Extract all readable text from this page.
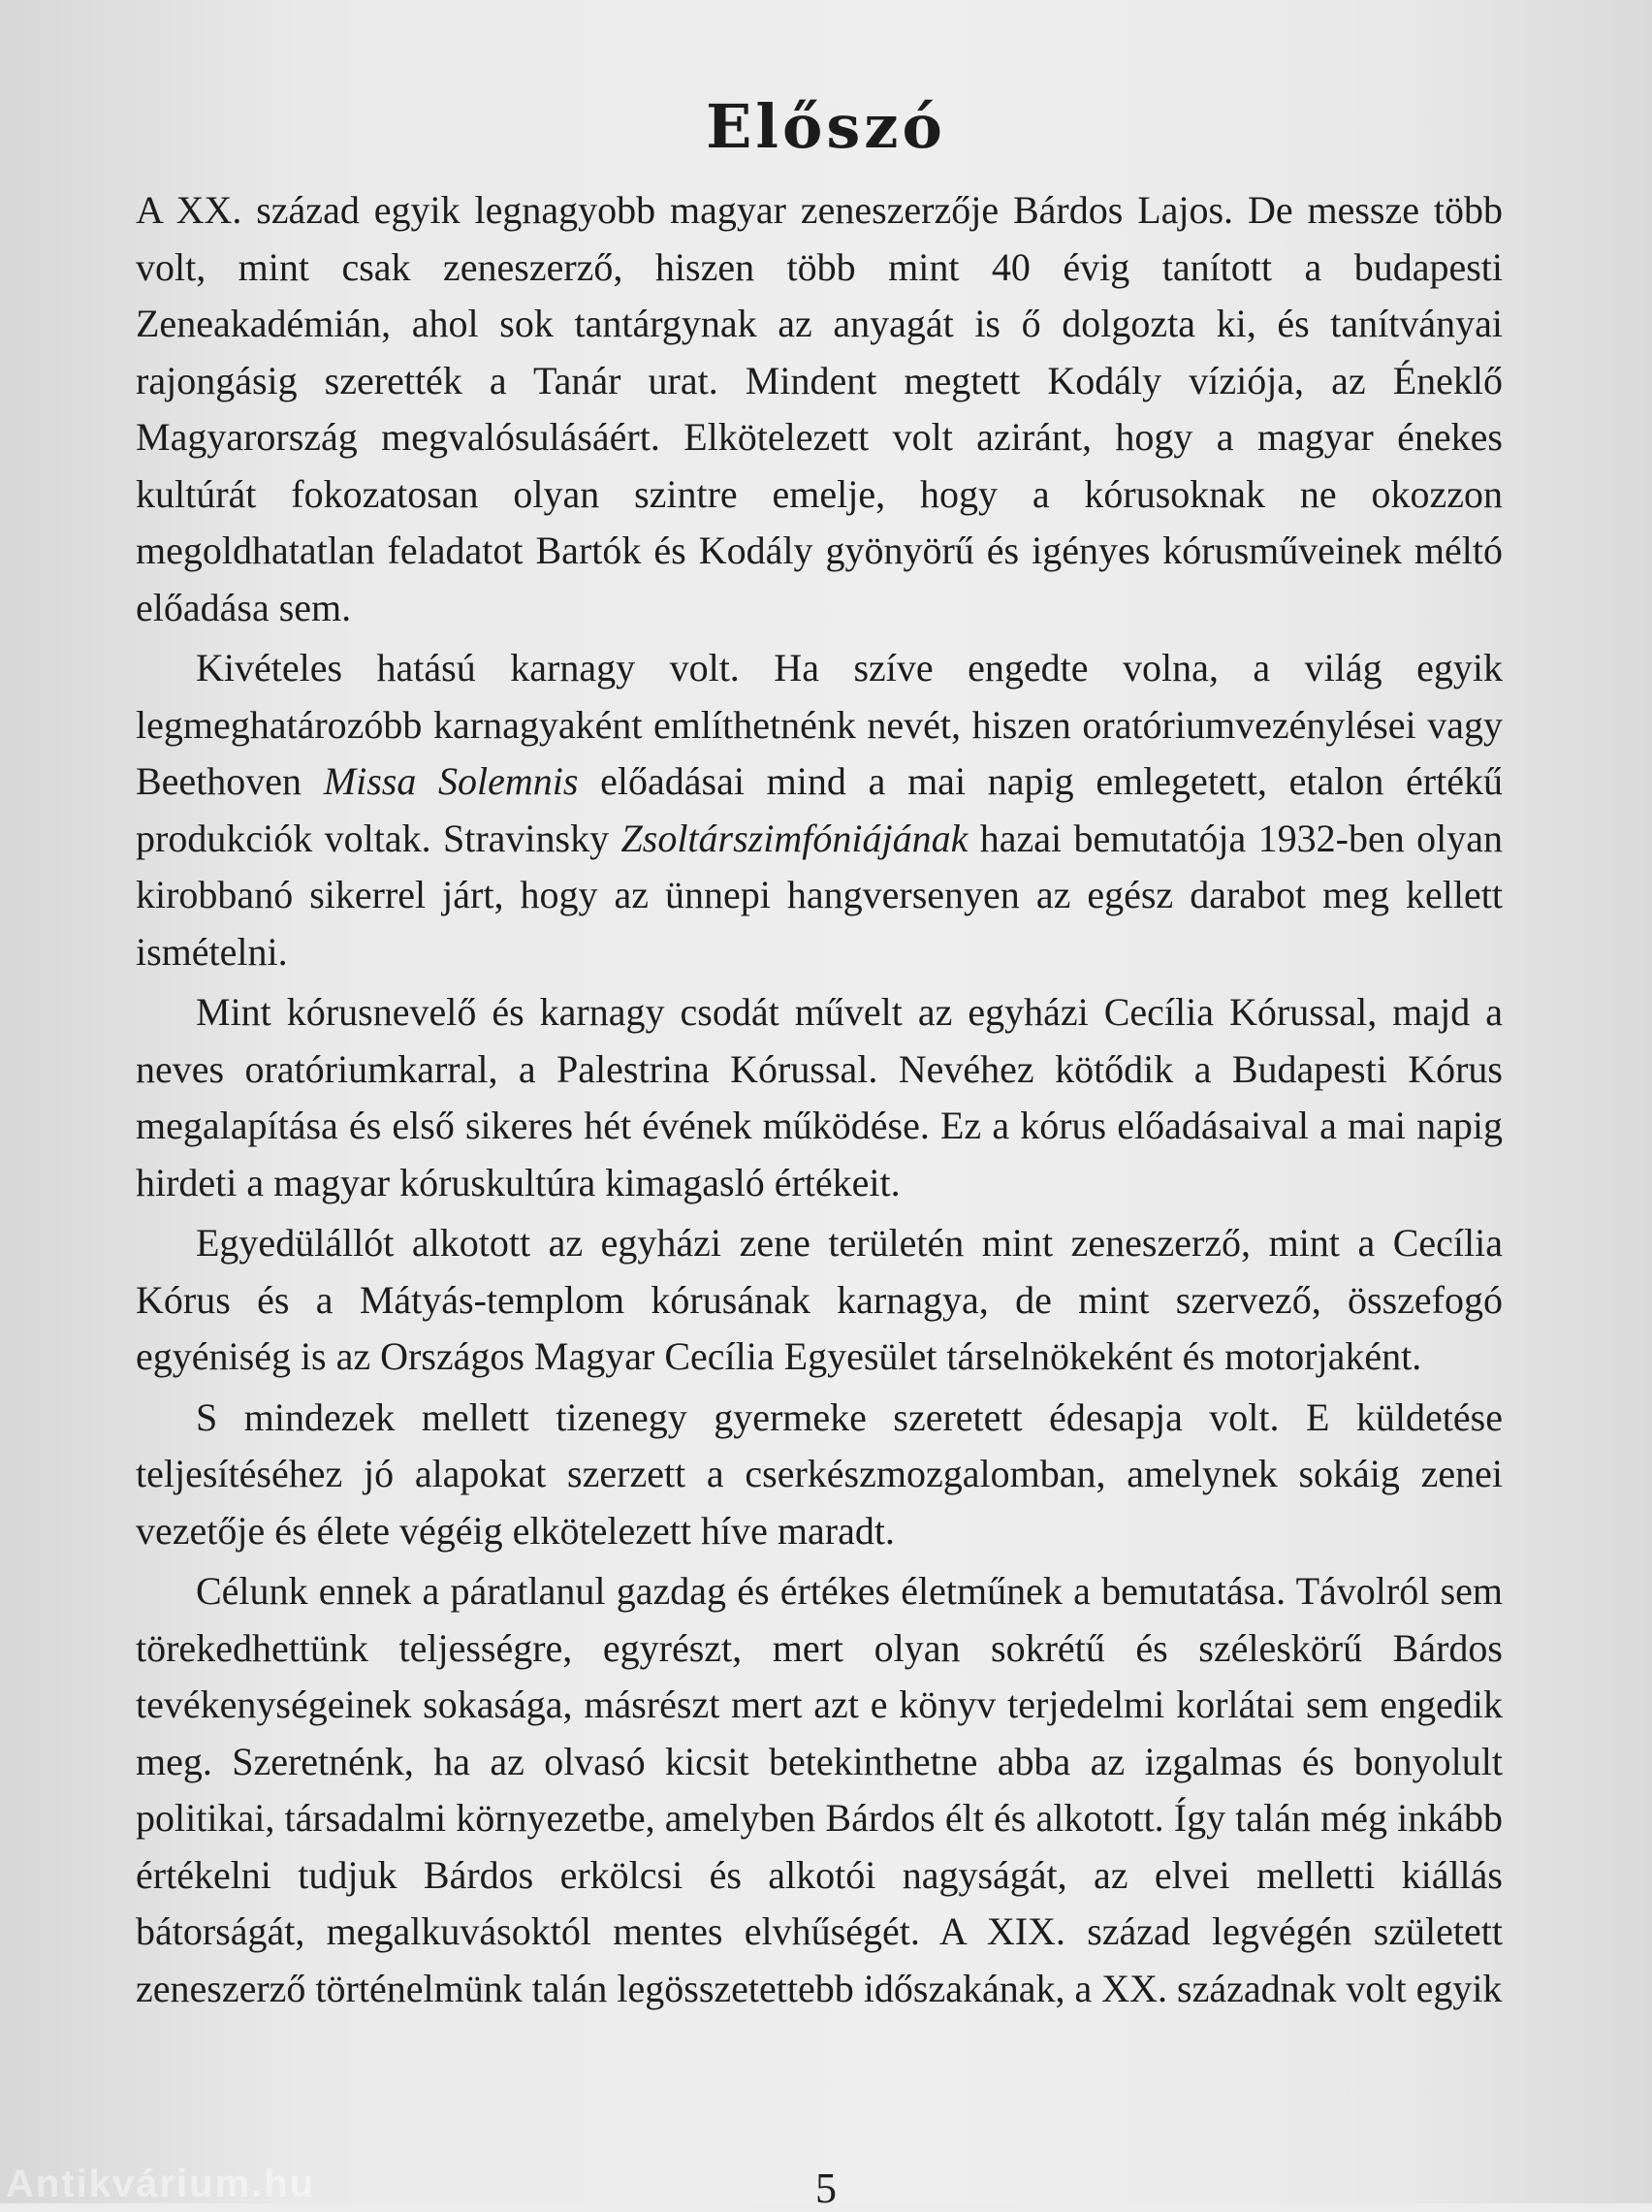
Előszó

A XX. század egyik legnagyobb magyar zeneszerzője Bárdos Lajos. De messze több volt, mint csak zeneszerző, hiszen több mint 40 évig tanított a budapesti Zeneakadémián, ahol sok tantárgynak az anyagát is ő dolgozta ki, és tanítványai rajongásig szerették a Tanár urat. Mindent megtett Kodály víziója, az Éneklő Magyarország megvalósulásáért. Elkötelezett volt aziránt, hogy a magyar énekes kultúrát fokozatosan olyan szintre emelje, hogy a kórusoknak ne okozzon megoldhatatlan feladatot Bartók és Kodály gyönyörű és igényes kórusműveinek méltó előadása sem.

Kivételes hatású karnagy volt. Ha szíve engedte volna, a világ egyik legmeghatározóbb karnagyaként említhetnénk nevét, hiszen oratóriumvezénylései vagy Beethoven Missa Solemnis előadásai mind a mai napig emlegetett, etalon értékű produkciók voltak. Stravinsky Zsoltárszimfóniájának hazai bemutatója 1932-ben olyan kirobbanó sikerrel járt, hogy az ünnepi hangversenyen az egész darabot meg kellett ismételni.

Mint kórusnevelő és karnagy csodát művelt az egyházi Cecília Kórussal, majd a neves oratóriumkarral, a Palestrina Kórussal. Nevéhez kötődik a Budapesti Kórus megalapítása és első sikeres hét évének működése. Ez a kórus előadásaival a mai napig hirdeti a magyar kóruskultúra kimagasló értékeit.

Egyedülállót alkotott az egyházi zene területén mint zeneszerző, mint a Cecília Kórus és a Mátyás-templom kórusának karnagya, de mint szervező, összefogó egyéniség is az Országos Magyar Cecília Egyesület társelnökeként és motorjaként.

S mindezek mellett tizenegy gyermeke szeretett édesapja volt. E küldetése teljesítéséhez jó alapokat szerzett a cserkészmozgalomban, amelynek sokáig zenei vezetője és élete végéig elkötelezett híve maradt.

Célunk ennek a páratlanul gazdag és értékes életműnek a bemutatása. Távolról sem törekedhettünk teljességre, egyrészt, mert olyan sokrétű és széleskörű Bárdos tevékenységeinek sokasága, másrészt mert azt e könyv terjedelmi korlátai sem engedik meg. Szeretnénk, ha az olvasó kicsit betekinthetne abba az izgalmas és bonyolult politikai, társadalmi környezetbe, amelyben Bárdos élt és alkotott. Így talán még inkább értékelni tudjuk Bárdos erkölcsi és alkotói nagyságát, az elvei melletti kiállás bátorságát, megalkuvásoktól mentes elvhűségét. A XIX. század legvégén született zeneszerző történelmünk talán legösszetettebb időszakának, a XX. századnak volt egyik

5
Antikvárium.hu
